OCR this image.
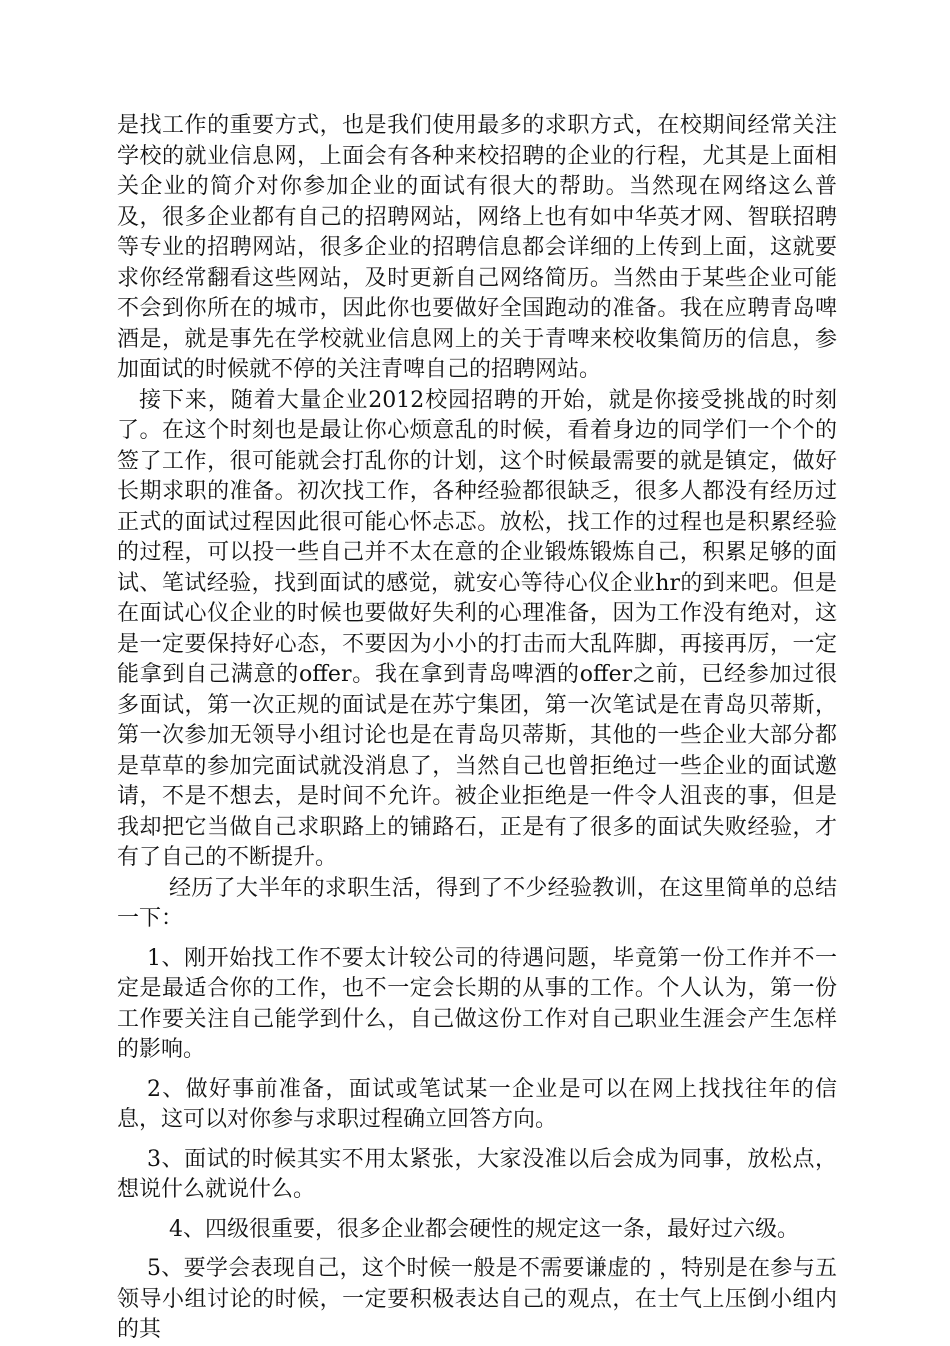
是找工作的重要方式，也是我们使用最多的求职方式，在校期间经常关注学校的就业信息网，上面会有各种来校招聘的企业的行程，尤其是上面相关企业的简介对你参加企业的面试有很大的帮助。当然现在网络这么普及，很多企业都有自己的招聘网站，网络上也有如中华英才网、智联招聘等专业的招聘网站，很多企业的招聘信息都会详细的上传到上面，这就要求你经常翻看这些网站，及时更新自己网络简历。当然由于某些企业可能不会到你所在的城市，因此你也要做好全国跑动的准备。我在应聘青岛啤酒是，就是事先在学校就业信息网上的关于青啤来校收集简历的信息，参加面试的时候就不停的关注青啤自己的招聘网站。

接下来，随着大量企业2012校园招聘的开始，就是你接受挑战的时刻了。在这个时刻也是最让你心烦意乱的时候，看着身边的同学们一个个的签了工作，很可能就会打乱你的计划，这个时候最需要的就是镇定，做好长期求职的准备。初次找工作，各种经验都很缺乏，很多人都没有经历过正式的面试过程因此很可能心怀忐忑。放松，找工作的过程也是积累经验的过程，可以投一些自己并不太在意的企业锻炼锻炼自己，积累足够的面试、笔试经验，找到面试的感觉，就安心等待心仪企业hr的到来吧。但是在面试心仪企业的时候也要做好失利的心理准备，因为工作没有绝对，这是一定要保持好心态，不要因为小小的打击而大乱阵脚，再接再厉，一定能拿到自己满意的offer。我在拿到青岛啤酒的offer之前，已经参加过很多面试，第一次正规的面试是在苏宁集团，第一次笔试是在青岛贝蒂斯，第一次参加无领导小组讨论也是在青岛贝蒂斯，其他的一些企业大部分都是草草的参加完面试就没消息了，当然自己也曾拒绝过一些企业的面试邀请，不是不想去，是时间不允许。被企业拒绝是一件令人沮丧的事，但是我却把它当做自己求职路上的铺路石，正是有了很多的面试失败经验，才有了自己的不断提升。

经历了大半年的求职生活，得到了不少经验教训，在这里简单的总结一下：

1、刚开始找工作不要太计较公司的待遇问题，毕竟第一份工作并不一定是最适合你的工作，也不一定会长期的从事的工作。个人认为，第一份工作要关注自己能学到什么，自己做这份工作对自己职业生涯会产生怎样的影响。

2、做好事前准备，面试或笔试某一企业是可以在网上找找往年的信息，这可以对你参与求职过程确立回答方向。

3、面试的时候其实不用太紧张，大家没准以后会成为同事，放松点，想说什么就说什么。

4、四级很重要，很多企业都会硬性的规定这一条，最好过六级。

5、要学会表现自己，这个时候一般是不需要谦虚的 ，特别是在参与五领导小组讨论的时候，一定要积极表达自己的观点，在士气上压倒小组内的其
